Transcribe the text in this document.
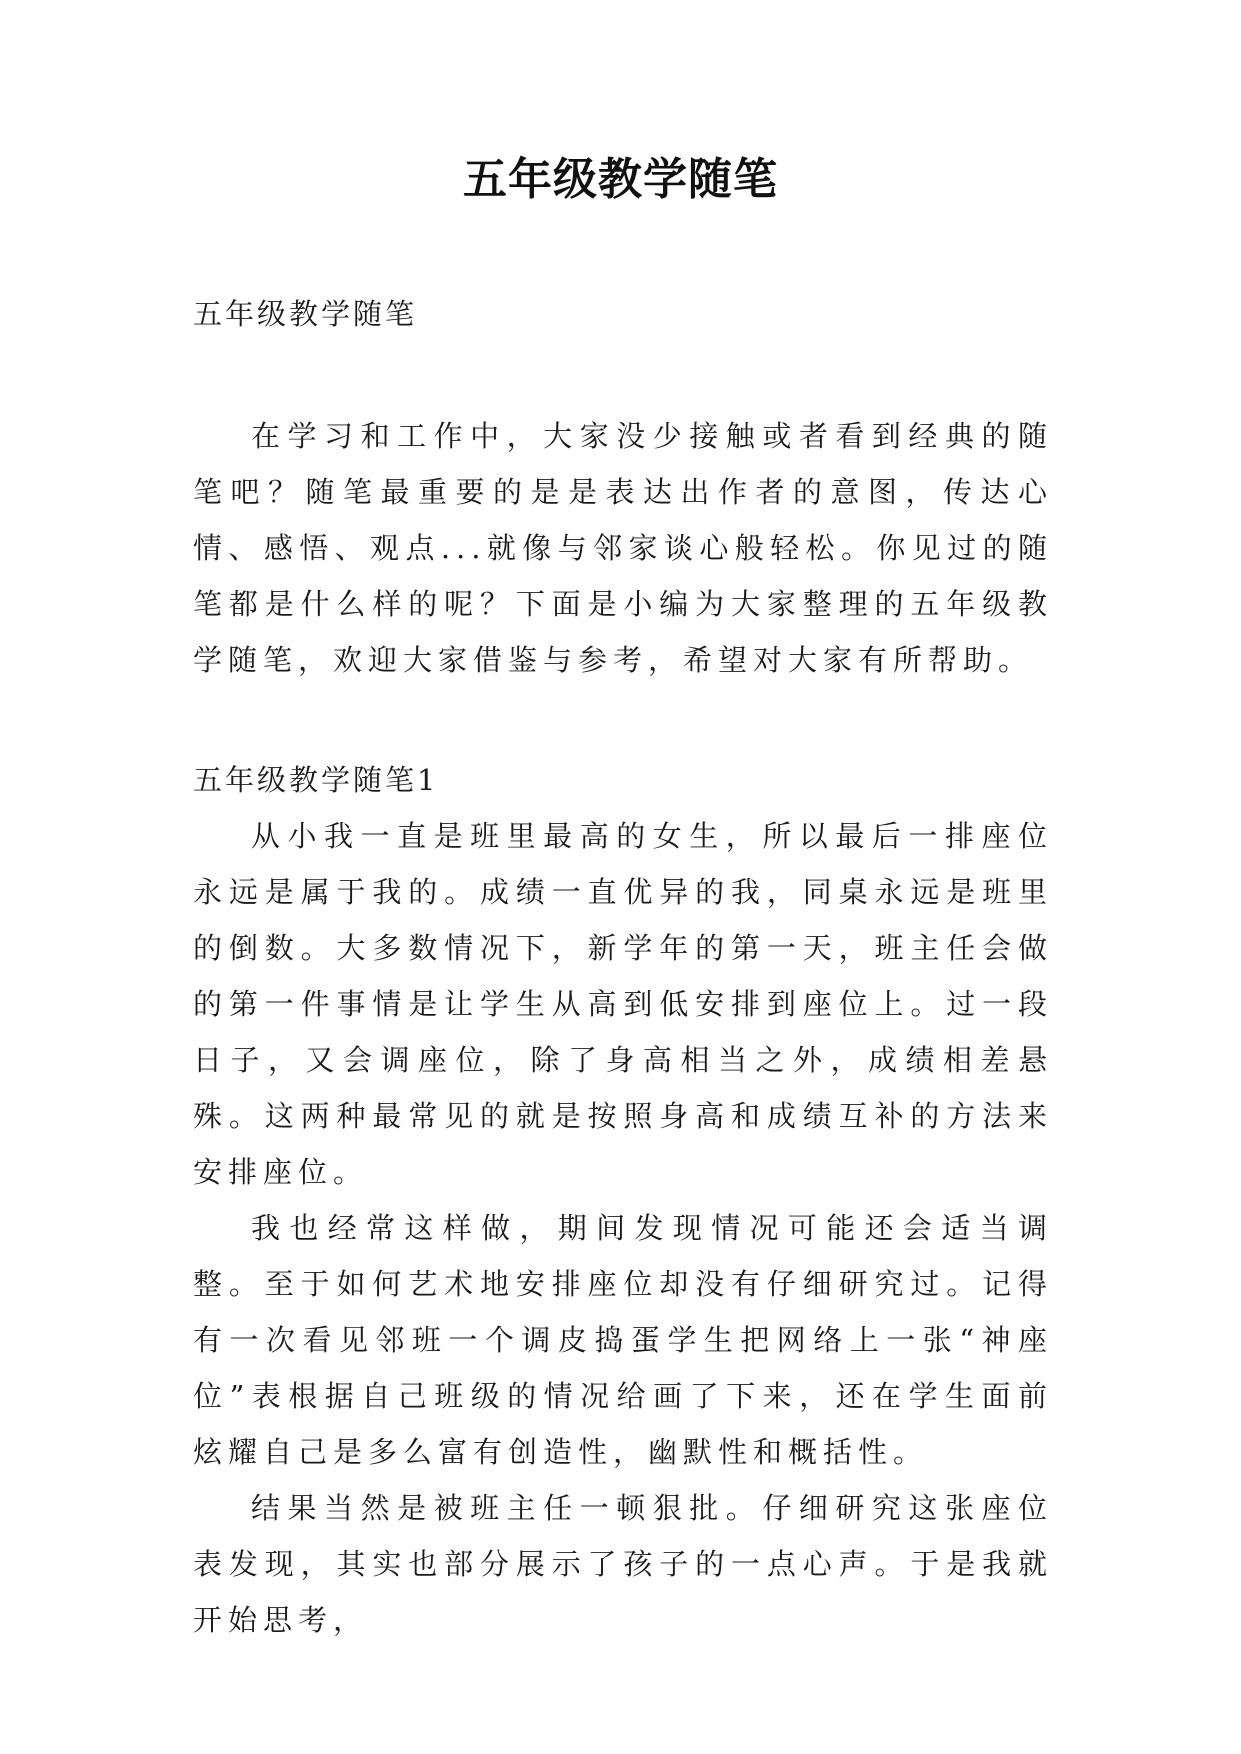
五年级教学随笔

五年级教学随笔

在学习和工作中，大家没少接触或者看到经典的随笔吧？随笔最重要的是是表达出作者的意图，传达心情、感悟、观点...就像与邻家谈心般轻松。你见过的随笔都是什么样的呢？下面是小编为大家整理的五年级教学随笔，欢迎大家借鉴与参考，希望对大家有所帮助。

五年级教学随笔1

从小我一直是班里最高的女生，所以最后一排座位永远是属于我的。成绩一直优异的我，同桌永远是班里的倒数。大多数情况下，新学年的第一天，班主任会做的第一件事情是让学生从高到低安排到座位上。过一段日子，又会调座位，除了身高相当之外，成绩相差悬殊。这两种最常见的就是按照身高和成绩互补的方法来安排座位。

我也经常这样做，期间发现情况可能还会适当调整。至于如何艺术地安排座位却没有仔细研究过。记得有一次看见邻班一个调皮捣蛋学生把网络上一张“神座位”表根据自己班级的情况给画了下来，还在学生面前炫耀自己是多么富有创造性，幽默性和概括性。

结果当然是被班主任一顿狠批。仔细研究这张座位表发现，其实也部分展示了孩子的一点心声。于是我就开始思考，
